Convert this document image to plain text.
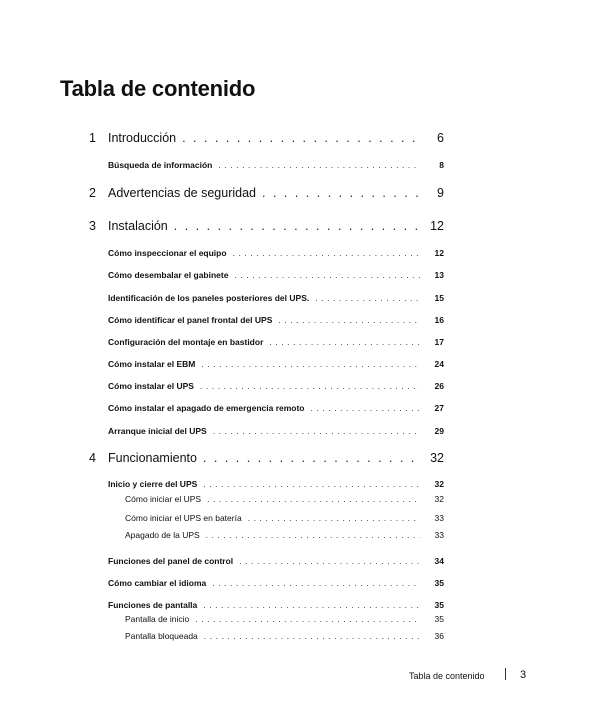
Tabla de contenido
1 Introducción . . .	6
Búsqueda de información . . .	8
2 Advertencias de seguridad . . .	9
3 Instalación . . .	12
Cómo inspeccionar el equipo . . .	12
Cómo desembalar el gabinete . . .	13
Identificación de los paneles posteriores del UPS. . . .	15
Cómo identificar el panel frontal del UPS . . .	16
Configuración del montaje en bastidor . . .	17
Cómo instalar el EBM . . .	24
Cómo instalar el UPS . . .	26
Cómo instalar el apagado de emergencia remoto . . .	27
Arranque inicial del UPS . . .	29
4 Funcionamiento . . .	32
Inicio y cierre del UPS . . .	32
Cómo iniciar el UPS . . .	32
Cómo iniciar el UPS en batería . . .	33
Apagado de la UPS . . .	33
Funciones del panel de control . . .	34
Cómo cambiar el idioma . . .	35
Funciones de pantalla . . .	35
Pantalla de inicio . . .	35
Pantalla bloqueada . . .	36
Tabla de contenido	3
